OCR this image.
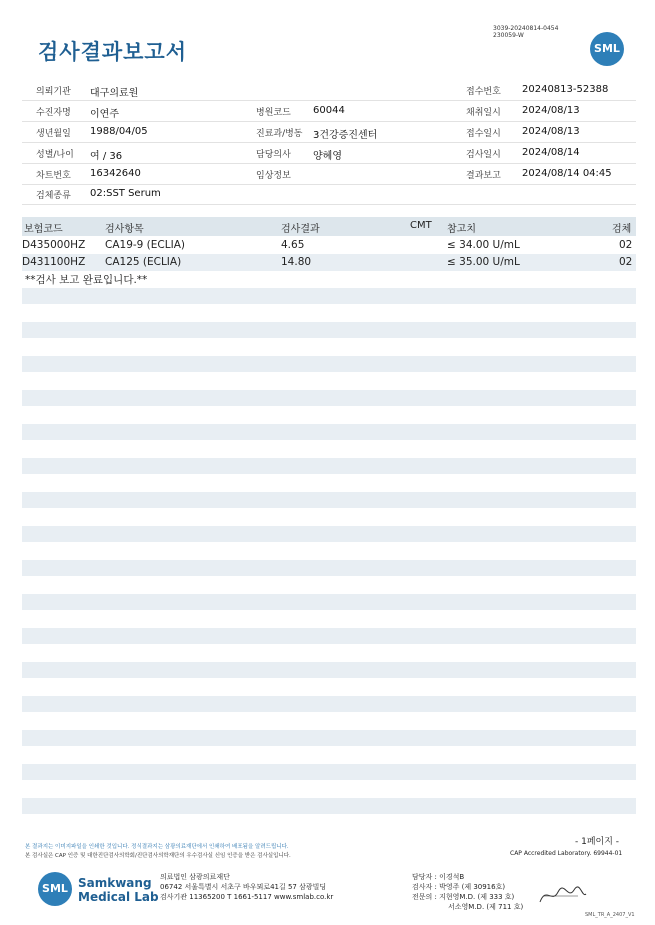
검사결과보고서
3039-20240814-0454
230059-W
SML
의뢰기관 대구의료원	접수번호 20240813-52388
수진자명 이연주	병원코드 60044	채취일시 2024/08/13
생년월일 1988/04/05	진료과/병동 3건강증진센터	접수일시 2024/08/13
성별/나이 여 / 36	담당의사 양혜영	검사일시 2024/08/14
차트번호 16342640	임상정보	결과보고 2024/08/14 04:45
검체종류 02:SST Serum
보험코드	검사항목	검사결과	CMT 참고치	검체
D435000HZ CA19-9 (ECLIA)	4.65	≤ 34.00 U/mL	02
D431100HZ CA125 (ECLIA)	14.80	≤ 35.00 U/mL	02
**검사 보고 완료입니다.**
본 결과지는 이미지파일을 인쇄한 것입니다. 정식결과지는 삼광의료재단에서 인쇄하여 배포됨을 알려드립니다.
본 검사실은 CAP 인증 및 대한진단검사의학회/진단검사의학재단의 우수검사실 신임 인증을 받은 검사실입니다.
- 1페이지 -
CAP Accredited Laboratory. 69944-01
SML Samkwang
Medical Lab
의료법인 삼광의료재단
06742 서울특별시 서초구 바우뫼로41길 57 삼광빌딩
검사기관 11365200 T 1661-5117 www.smlab.co.kr
담당자 : 이경석B
검사자 : 박영주 (제 30916호)
전문의 : 지현영M.D. (제 333 호)
서소영M.D. (제 711 호)
SML_TR_A_2407_V1
